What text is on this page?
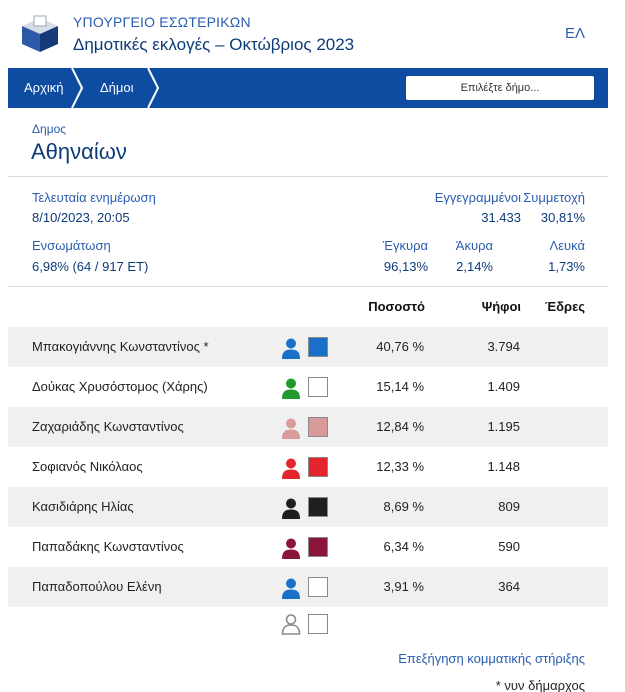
ΥΠΟΥΡΓΕΙΟ ΕΣΩΤΕΡΙΚΩΝ
Δημοτικές εκλογές – Οκτώβριος 2023
ΕΛ
Αρχική	Δήμοι	Επιλέξτε δήμο...
Δημος
Αθηναίων
Τελευταία ενημέρωση
8/10/2023, 20:05
Εγγεγραμμένοι
31.433
Συμμετοχή
30,81%
Ενσωμάτωση
6,98% (64 / 917 ΕΤ)
Έγκυρα
96,13%
Άκυρα
2,14%
Λευκά
1,73%
Ποσοστό	Ψήφοι Έδρες
Μπακογιάννης Κωνσταντίνος *	40,76 %	3.794
Δούκας Χρυσόστομος (Χάρης)	15,14 %	1.409
Ζαχαριάδης Κωνσταντίνος	12,84 %	1.195
Σοφιανός Νικόλαος	12,33 %	1.148
Κασιδιάρης Ηλίας	8,69 %	809
Παπαδάκης Κωνσταντίνος	6,34 %	590
Παπαδοπούλου Ελένη	3,91 %	364
Επεξήγηση κομματικής στήριξης
* νυν δήμαρχος
